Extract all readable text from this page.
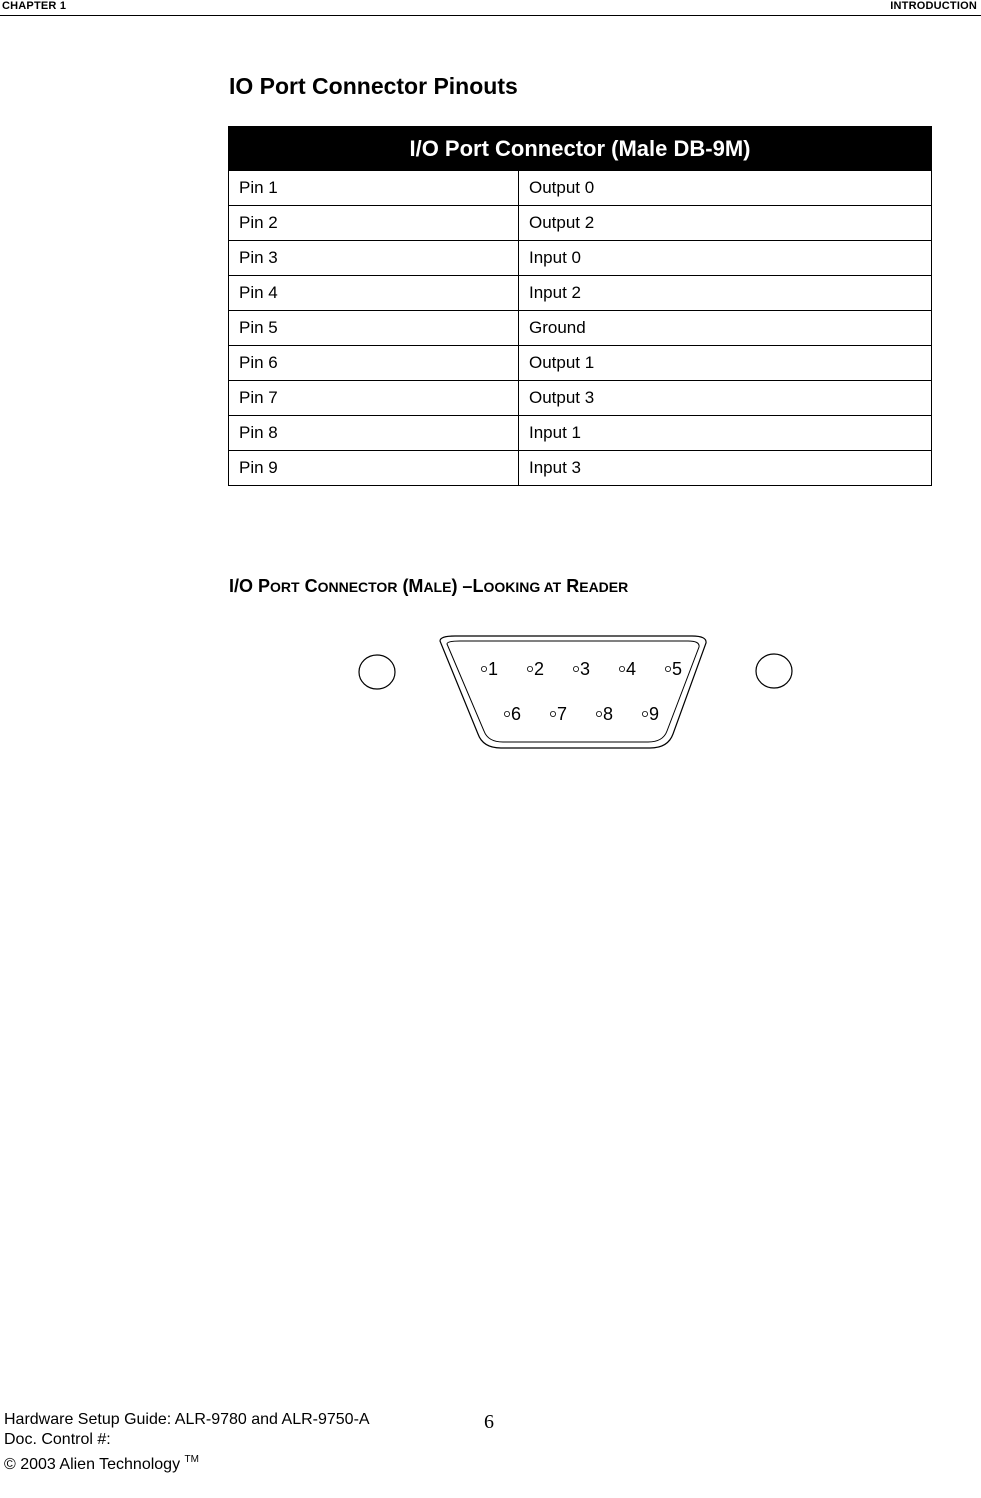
CHAPTER 1	INTRODUCTION
IO Port Connector Pinouts
I/O Port Connector (Male DB-9M)	
Pin 1	Output 0
Pin 2	Output 2
Pin 3	Input 0
Pin 4	Input 2
Pin 5	Ground
Pin 6	Output 1
Pin 7	Output 3
Pin 8	Input 1
Pin 9	Input 3

I/O PORT CONNECTOR (MALE) –LOOKING AT READER

1 2 3 4 5
6 7 8 9
Hardware Setup Guide: ALR-9780 and ALR-9750-A
Doc. Control #:
© 2003 Alien Technology ™
6
